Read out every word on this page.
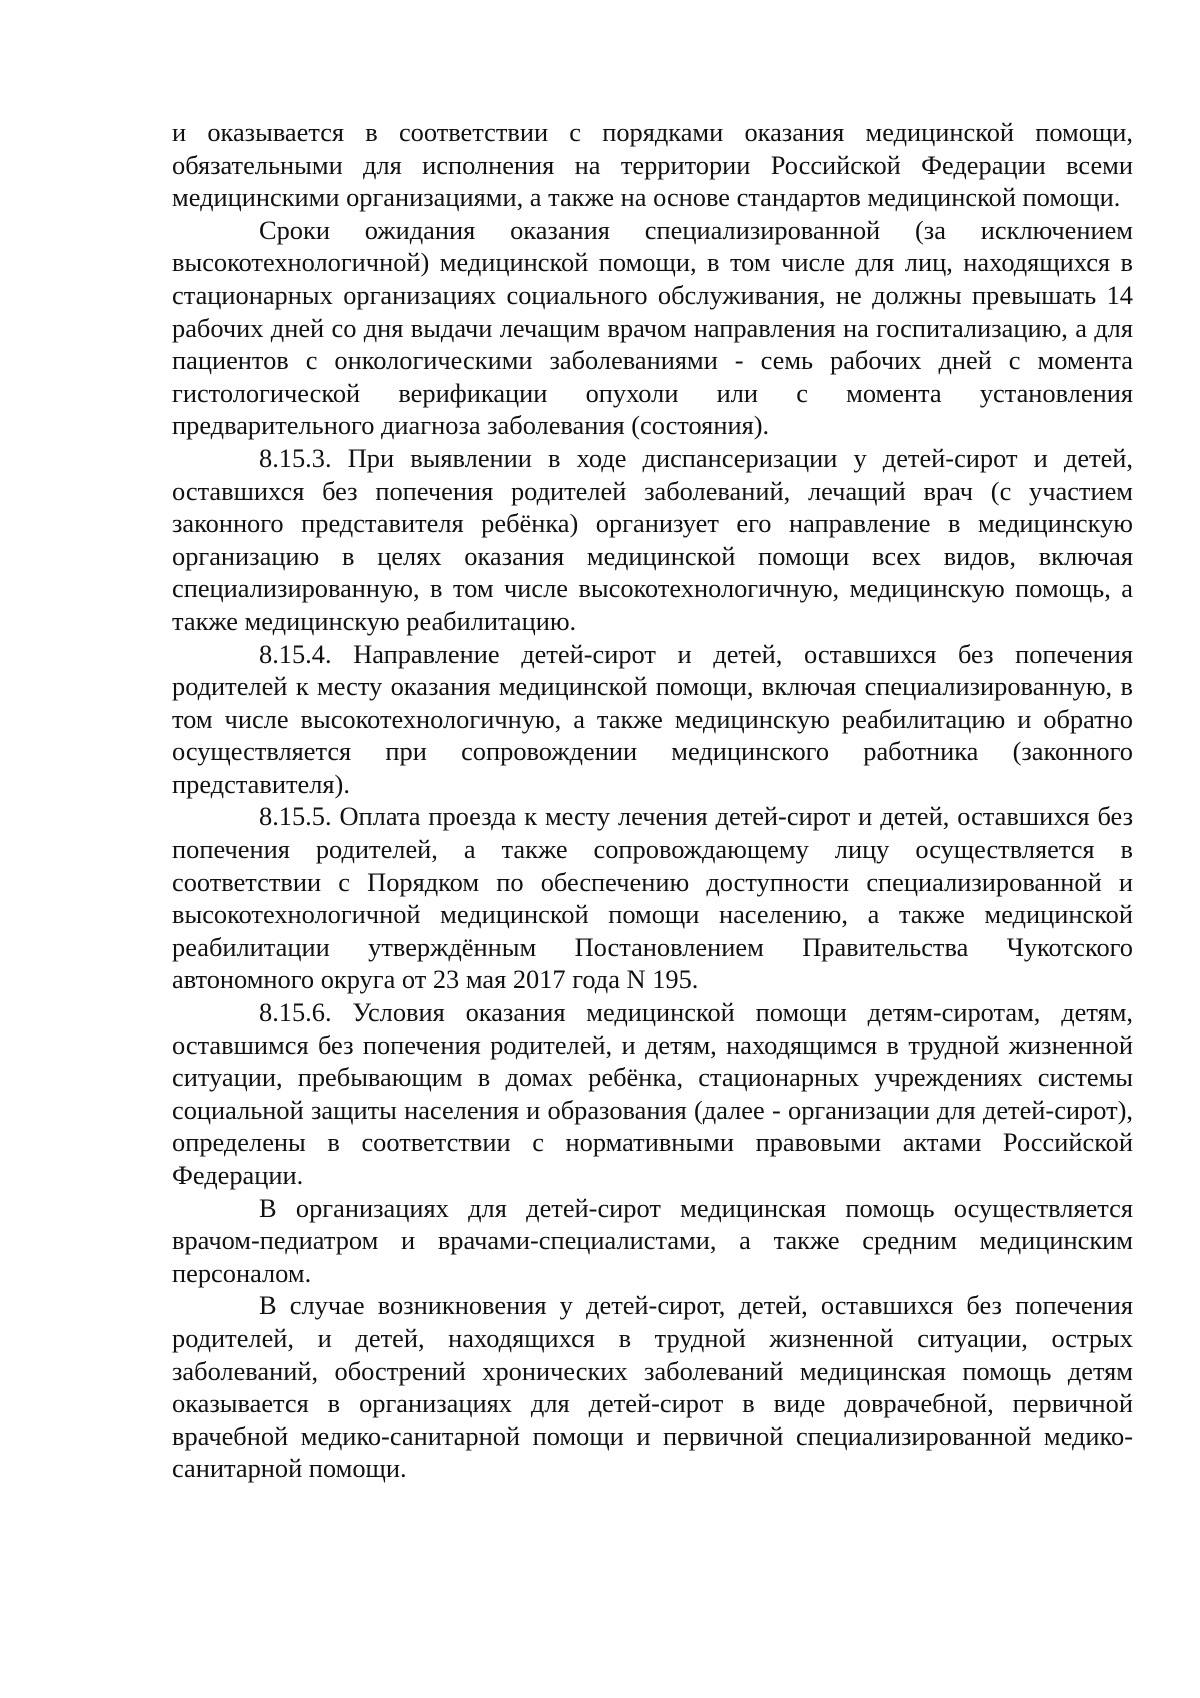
и оказывается в соответствии с порядками оказания медицинской помощи, обязательными для исполнения на территории Российской Федерации всеми медицинскими организациями, а также на основе стандартов медицинской помощи.

Сроки ожидания оказания специализированной (за исключением высокотехнологичной) медицинской помощи, в том числе для лиц, находящихся в стационарных организациях социального обслуживания, не должны превышать 14 рабочих дней со дня выдачи лечащим врачом направления на госпитализацию, а для пациентов с онкологическими заболеваниями - семь рабочих дней с момента гистологической верификации опухоли или с момента установления предварительного диагноза заболевания (состояния).

8.15.3. При выявлении в ходе диспансеризации у детей-сирот и детей, оставшихся без попечения родителей заболеваний, лечащий врач (с участием законного представителя ребёнка) организует его направление в медицинскую организацию в целях оказания медицинской помощи всех видов, включая специализированную, в том числе высокотехнологичную, медицинскую помощь, а также медицинскую реабилитацию.

8.15.4. Направление детей-сирот и детей, оставшихся без попечения родителей к месту оказания медицинской помощи, включая специализированную, в том числе высокотехнологичную, а также медицинскую реабилитацию и обратно осуществляется при сопровождении медицинского работника (законного представителя).

8.15.5. Оплата проезда к месту лечения детей-сирот и детей, оставшихся без попечения родителей, а также сопровождающему лицу осуществляется в соответствии с Порядком по обеспечению доступности специализированной и высокотехнологичной медицинской помощи населению, а также медицинской реабилитации утверждённым Постановлением Правительства Чукотского автономного округа от 23 мая 2017 года N 195.

8.15.6. Условия оказания медицинской помощи детям-сиротам, детям, оставшимся без попечения родителей, и детям, находящимся в трудной жизненной ситуации, пребывающим в домах ребёнка, стационарных учреждениях системы социальной защиты населения и образования (далее - организации для детей-сирот), определены в соответствии с нормативными правовыми актами Российской Федерации.

В организациях для детей-сирот медицинская помощь осуществляется врачом-педиатром и врачами-специалистами, а также средним медицинским персоналом.

В случае возникновения у детей-сирот, детей, оставшихся без попечения родителей, и детей, находящихся в трудной жизненной ситуации, острых заболеваний, обострений хронических заболеваний медицинская помощь детям оказывается в организациях для детей-сирот в виде доврачебной, первичной врачебной медико-санитарной помощи и первичной специализированной медико-санитарной помощи.
